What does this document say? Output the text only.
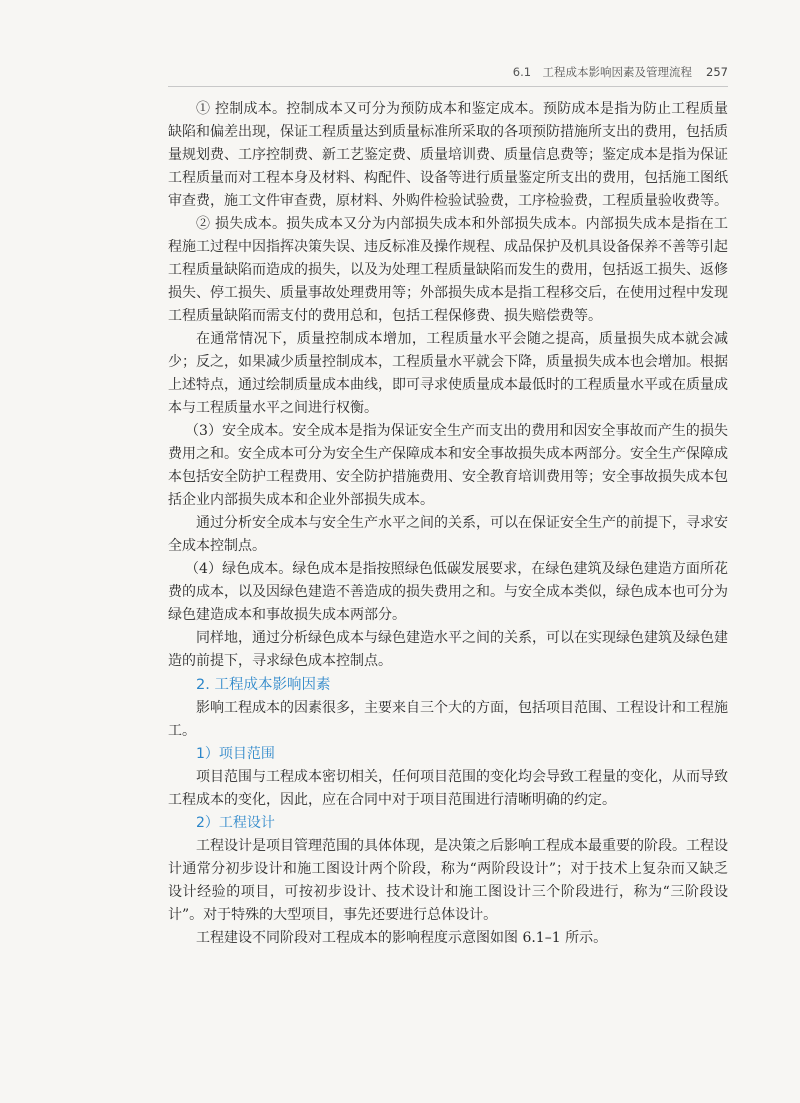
6.1　工程成本影响因素及管理流程 257

① 控制成本。控制成本又可分为预防成本和鉴定成本。预防成本是指为防止工程质量缺陷和偏差出现，保证工程质量达到质量标准所采取的各项预防措施所支出的费用，包括质量规划费、工序控制费、新工艺鉴定费、质量培训费、质量信息费等；鉴定成本是指为保证工程质量而对工程本身及材料、构配件、设备等进行质量鉴定所支出的费用，包括施工图纸审查费，施工文件审查费，原材料、外购件检验试验费，工序检验费，工程质量验收费等。

② 损失成本。损失成本又分为内部损失成本和外部损失成本。内部损失成本是指在工程施工过程中因指挥决策失误、违反标准及操作规程、成品保护及机具设备保养不善等引起工程质量缺陷而造成的损失，以及为处理工程质量缺陷而发生的费用，包括返工损失、返修损失、停工损失、质量事故处理费用等；外部损失成本是指工程移交后，在使用过程中发现工程质量缺陷而需支付的费用总和，包括工程保修费、损失赔偿费等。

在通常情况下，质量控制成本增加，工程质量水平会随之提高，质量损失成本就会减少；反之，如果减少质量控制成本，工程质量水平就会下降，质量损失成本也会增加。根据上述特点，通过绘制质量成本曲线，即可寻求使质量成本最低时的工程质量水平或在质量成本与工程质量水平之间进行权衡。

（3）安全成本。安全成本是指为保证安全生产而支出的费用和因安全事故而产生的损失费用之和。安全成本可分为安全生产保障成本和安全事故损失成本两部分。安全生产保障成本包括安全防护工程费用、安全防护措施费用、安全教育培训费用等；安全事故损失成本包括企业内部损失成本和企业外部损失成本。

通过分析安全成本与安全生产水平之间的关系，可以在保证安全生产的前提下，寻求安全成本控制点。

（4）绿色成本。绿色成本是指按照绿色低碳发展要求，在绿色建筑及绿色建造方面所花费的成本，以及因绿色建造不善造成的损失费用之和。与安全成本类似，绿色成本也可分为绿色建造成本和事故损失成本两部分。

同样地，通过分析绿色成本与绿色建造水平之间的关系，可以在实现绿色建筑及绿色建造的前提下，寻求绿色成本控制点。

2. 工程成本影响因素

影响工程成本的因素很多，主要来自三个大的方面，包括项目范围、工程设计和工程施工。

1）项目范围

项目范围与工程成本密切相关，任何项目范围的变化均会导致工程量的变化，从而导致工程成本的变化，因此，应在合同中对于项目范围进行清晰明确的约定。

2）工程设计

工程设计是项目管理范围的具体体现，是决策之后影响工程成本最重要的阶段。工程设计通常分初步设计和施工图设计两个阶段，称为“两阶段设计”；对于技术上复杂而又缺乏设计经验的项目，可按初步设计、技术设计和施工图设计三个阶段进行，称为“三阶段设计”。对于特殊的大型项目，事先还要进行总体设计。

工程建设不同阶段对工程成本的影响程度示意图如图 6.1–1 所示。
